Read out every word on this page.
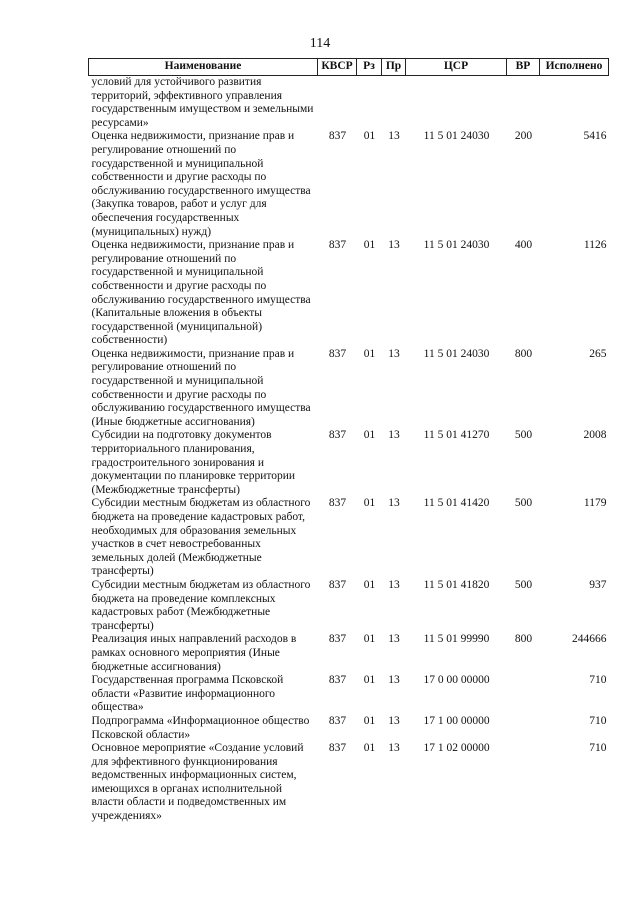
114
Наименование	КВСР	Рз	Пр	ЦСР	ВР	Исполнено
условий для устойчивого развития территорий, эффективного управления государственным имуществом и земельными ресурсами»						
Оценка недвижимости, признание прав и регулирование отношений по государственной и муниципальной собственности и другие расходы по обслуживанию государственного имущества (Закупка товаров, работ и услуг для обеспечения государственных (муниципальных) нужд)	837	01	13	11 5 01 24030	200	5416
Оценка недвижимости, признание прав и регулирование отношений по государственной и муниципальной собственности и другие расходы по обслуживанию государственного имущества (Капитальные вложения в объекты государственной (муниципальной) собственности)	837	01	13	11 5 01 24030	400	1126
Оценка недвижимости, признание прав и регулирование отношений по государственной и муниципальной собственности и другие расходы по обслуживанию государственного имущества (Иные бюджетные ассигнования)	837	01	13	11 5 01 24030	800	265
Субсидии на подготовку документов территориального планирования, градостроительного зонирования и документации по планировке территории (Межбюджетные трансферты)	837	01	13	11 5 01 41270	500	2008
Субсидии местным бюджетам из областного бюджета на проведение кадастровых работ, необходимых для образования земельных участков в счет невостребованных земельных долей (Межбюджетные трансферты)	837	01	13	11 5 01 41420	500	1179
Субсидии местным бюджетам из областного бюджета на проведение комплексных кадастровых работ (Межбюджетные трансферты)	837	01	13	11 5 01 41820	500	937
Реализация иных направлений расходов в рамках основного мероприятия (Иные бюджетные ассигнования)	837	01	13	11 5 01 99990	800	244666
Государственная программа Псковской области «Развитие информационного общества»	837	01	13	17 0 00 00000		710
Подпрограмма «Информационное общество Псковской области»	837	01	13	17 1 00 00000		710
Основное мероприятие «Создание условий для эффективного функционирования ведомственных информационных систем, имеющихся в органах исполнительной власти области и подведомственных им учреждениях»	837	01	13	17 1 02 00000		710
